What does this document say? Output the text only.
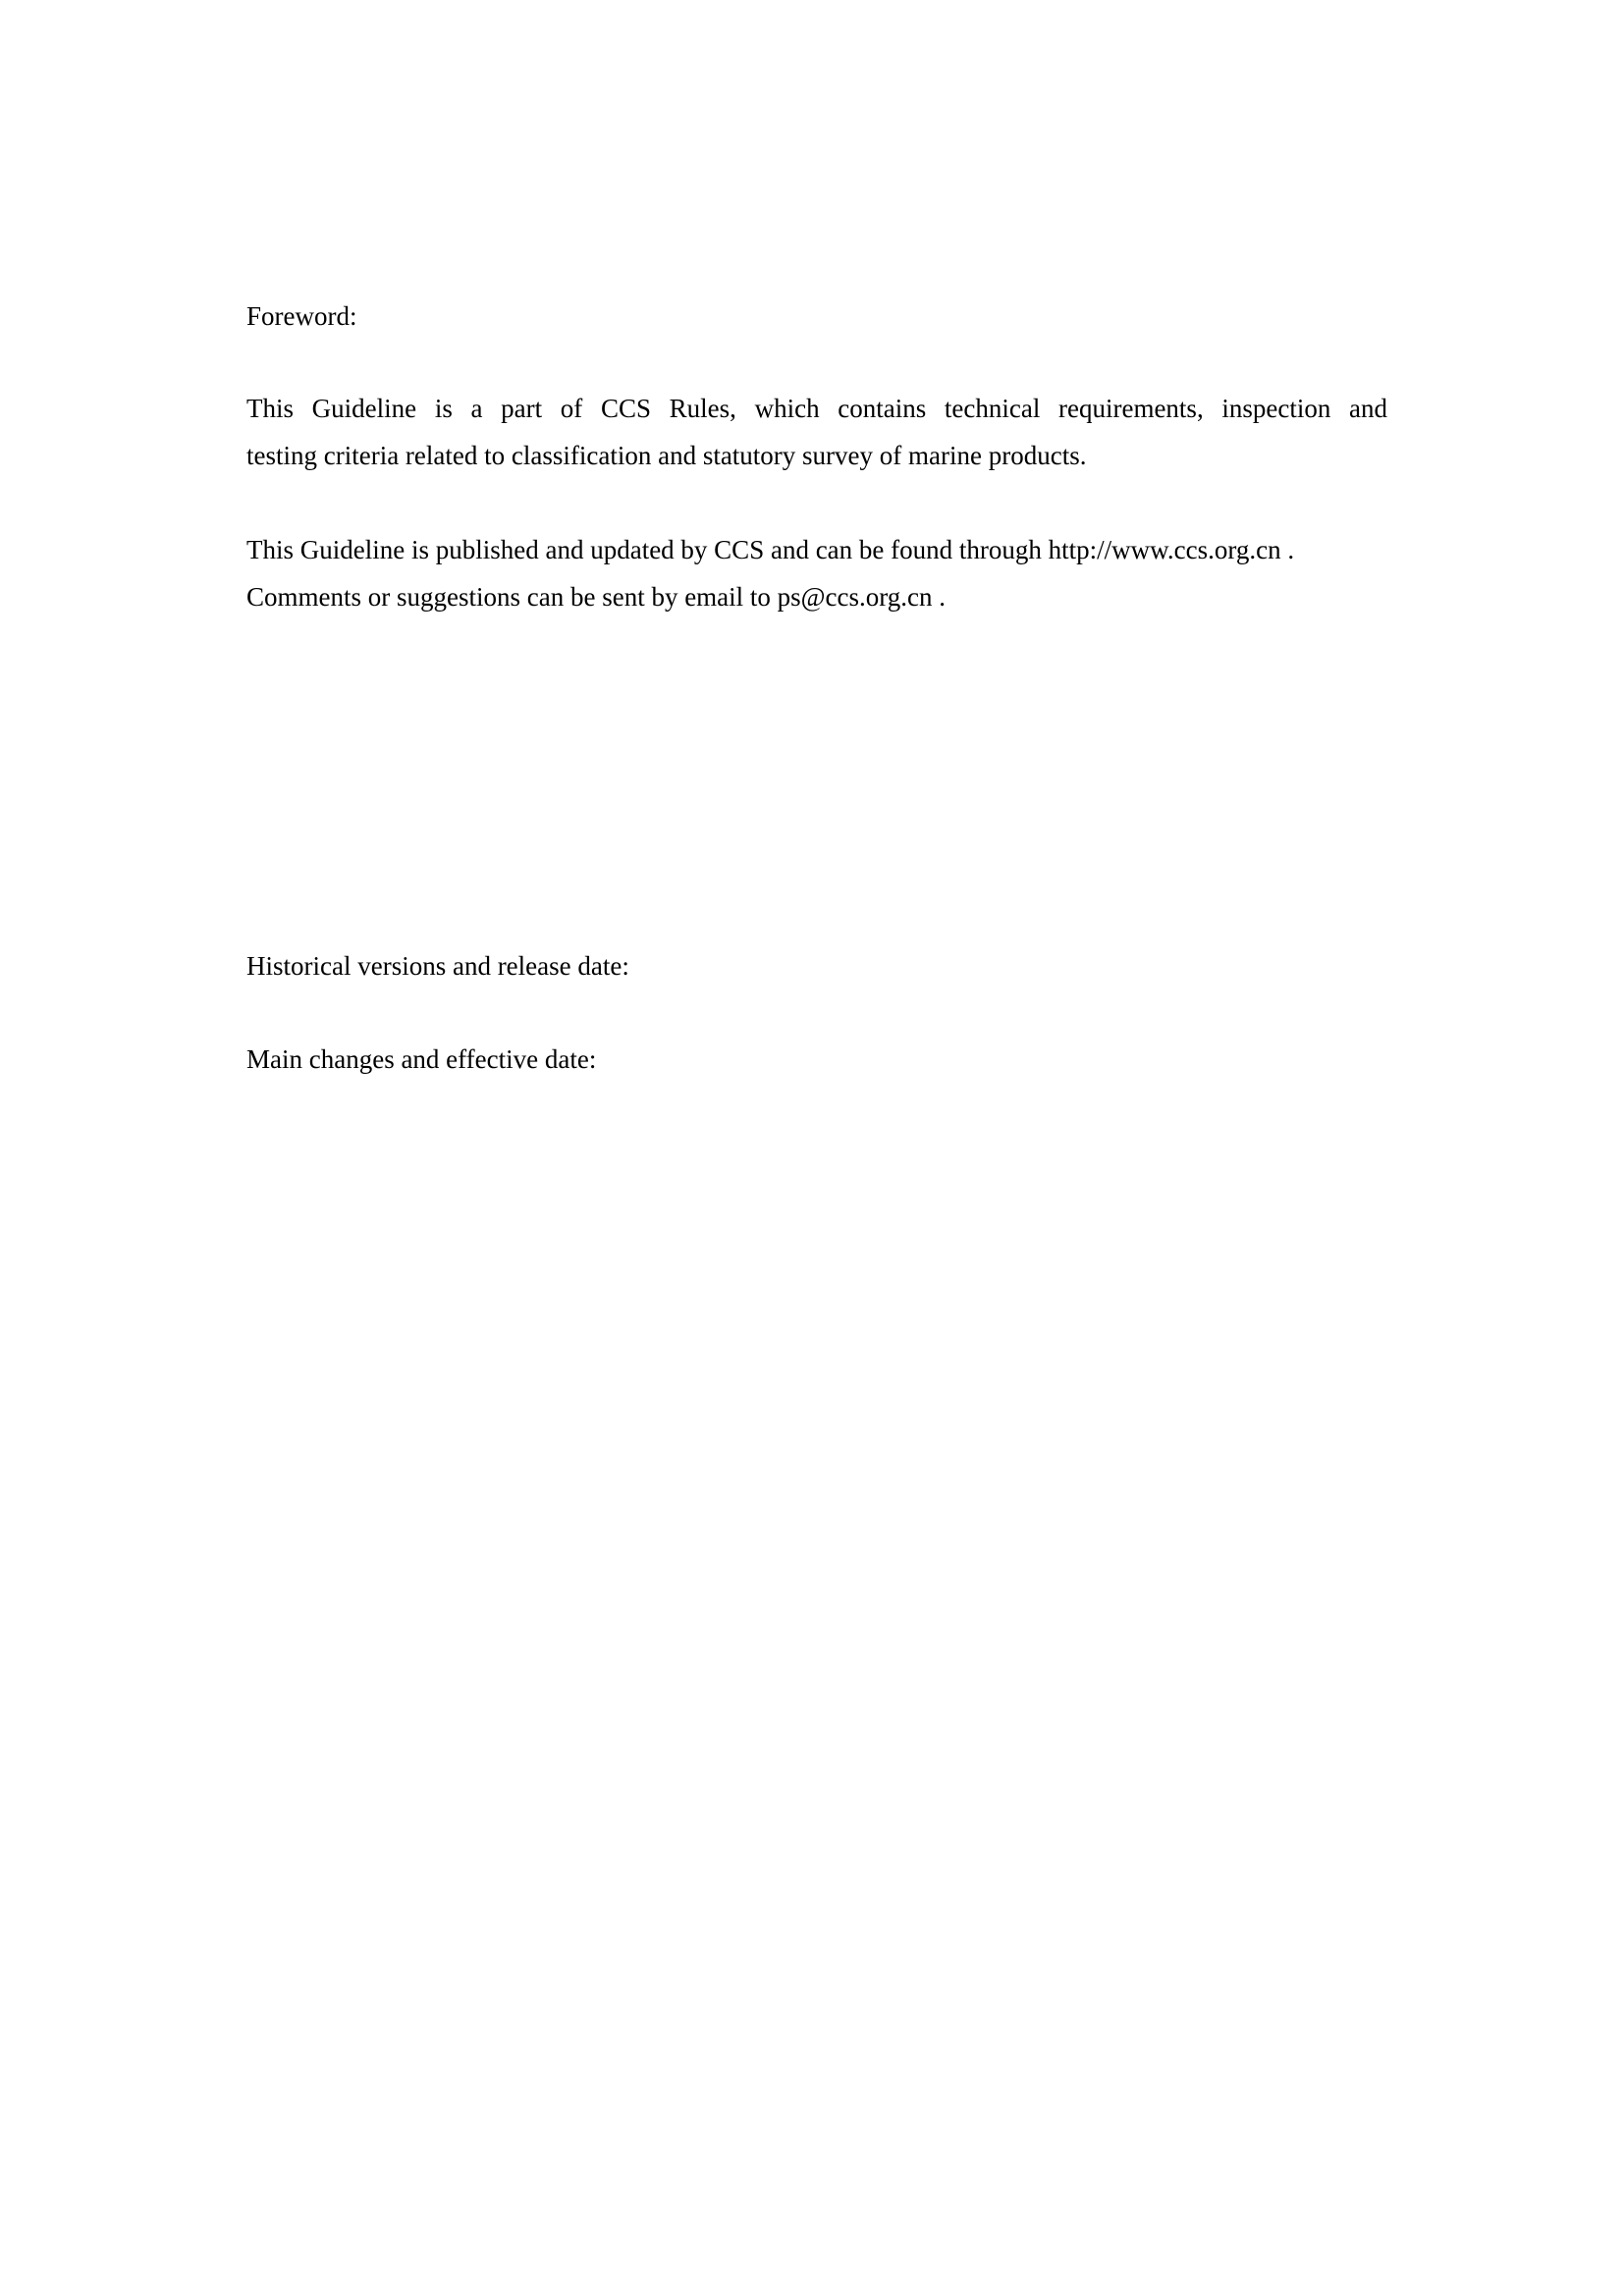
Foreword:

This Guideline is a part of CCS Rules, which contains technical requirements, inspection and
testing criteria related to classification and statutory survey of marine products.
This Guideline is published and updated by CCS and can be found through http://www.ccs.org.cn .
Comments or suggestions can be sent by email to ps@ccs.org.cn .

Historical versions and release date:

Main changes and effective date:
